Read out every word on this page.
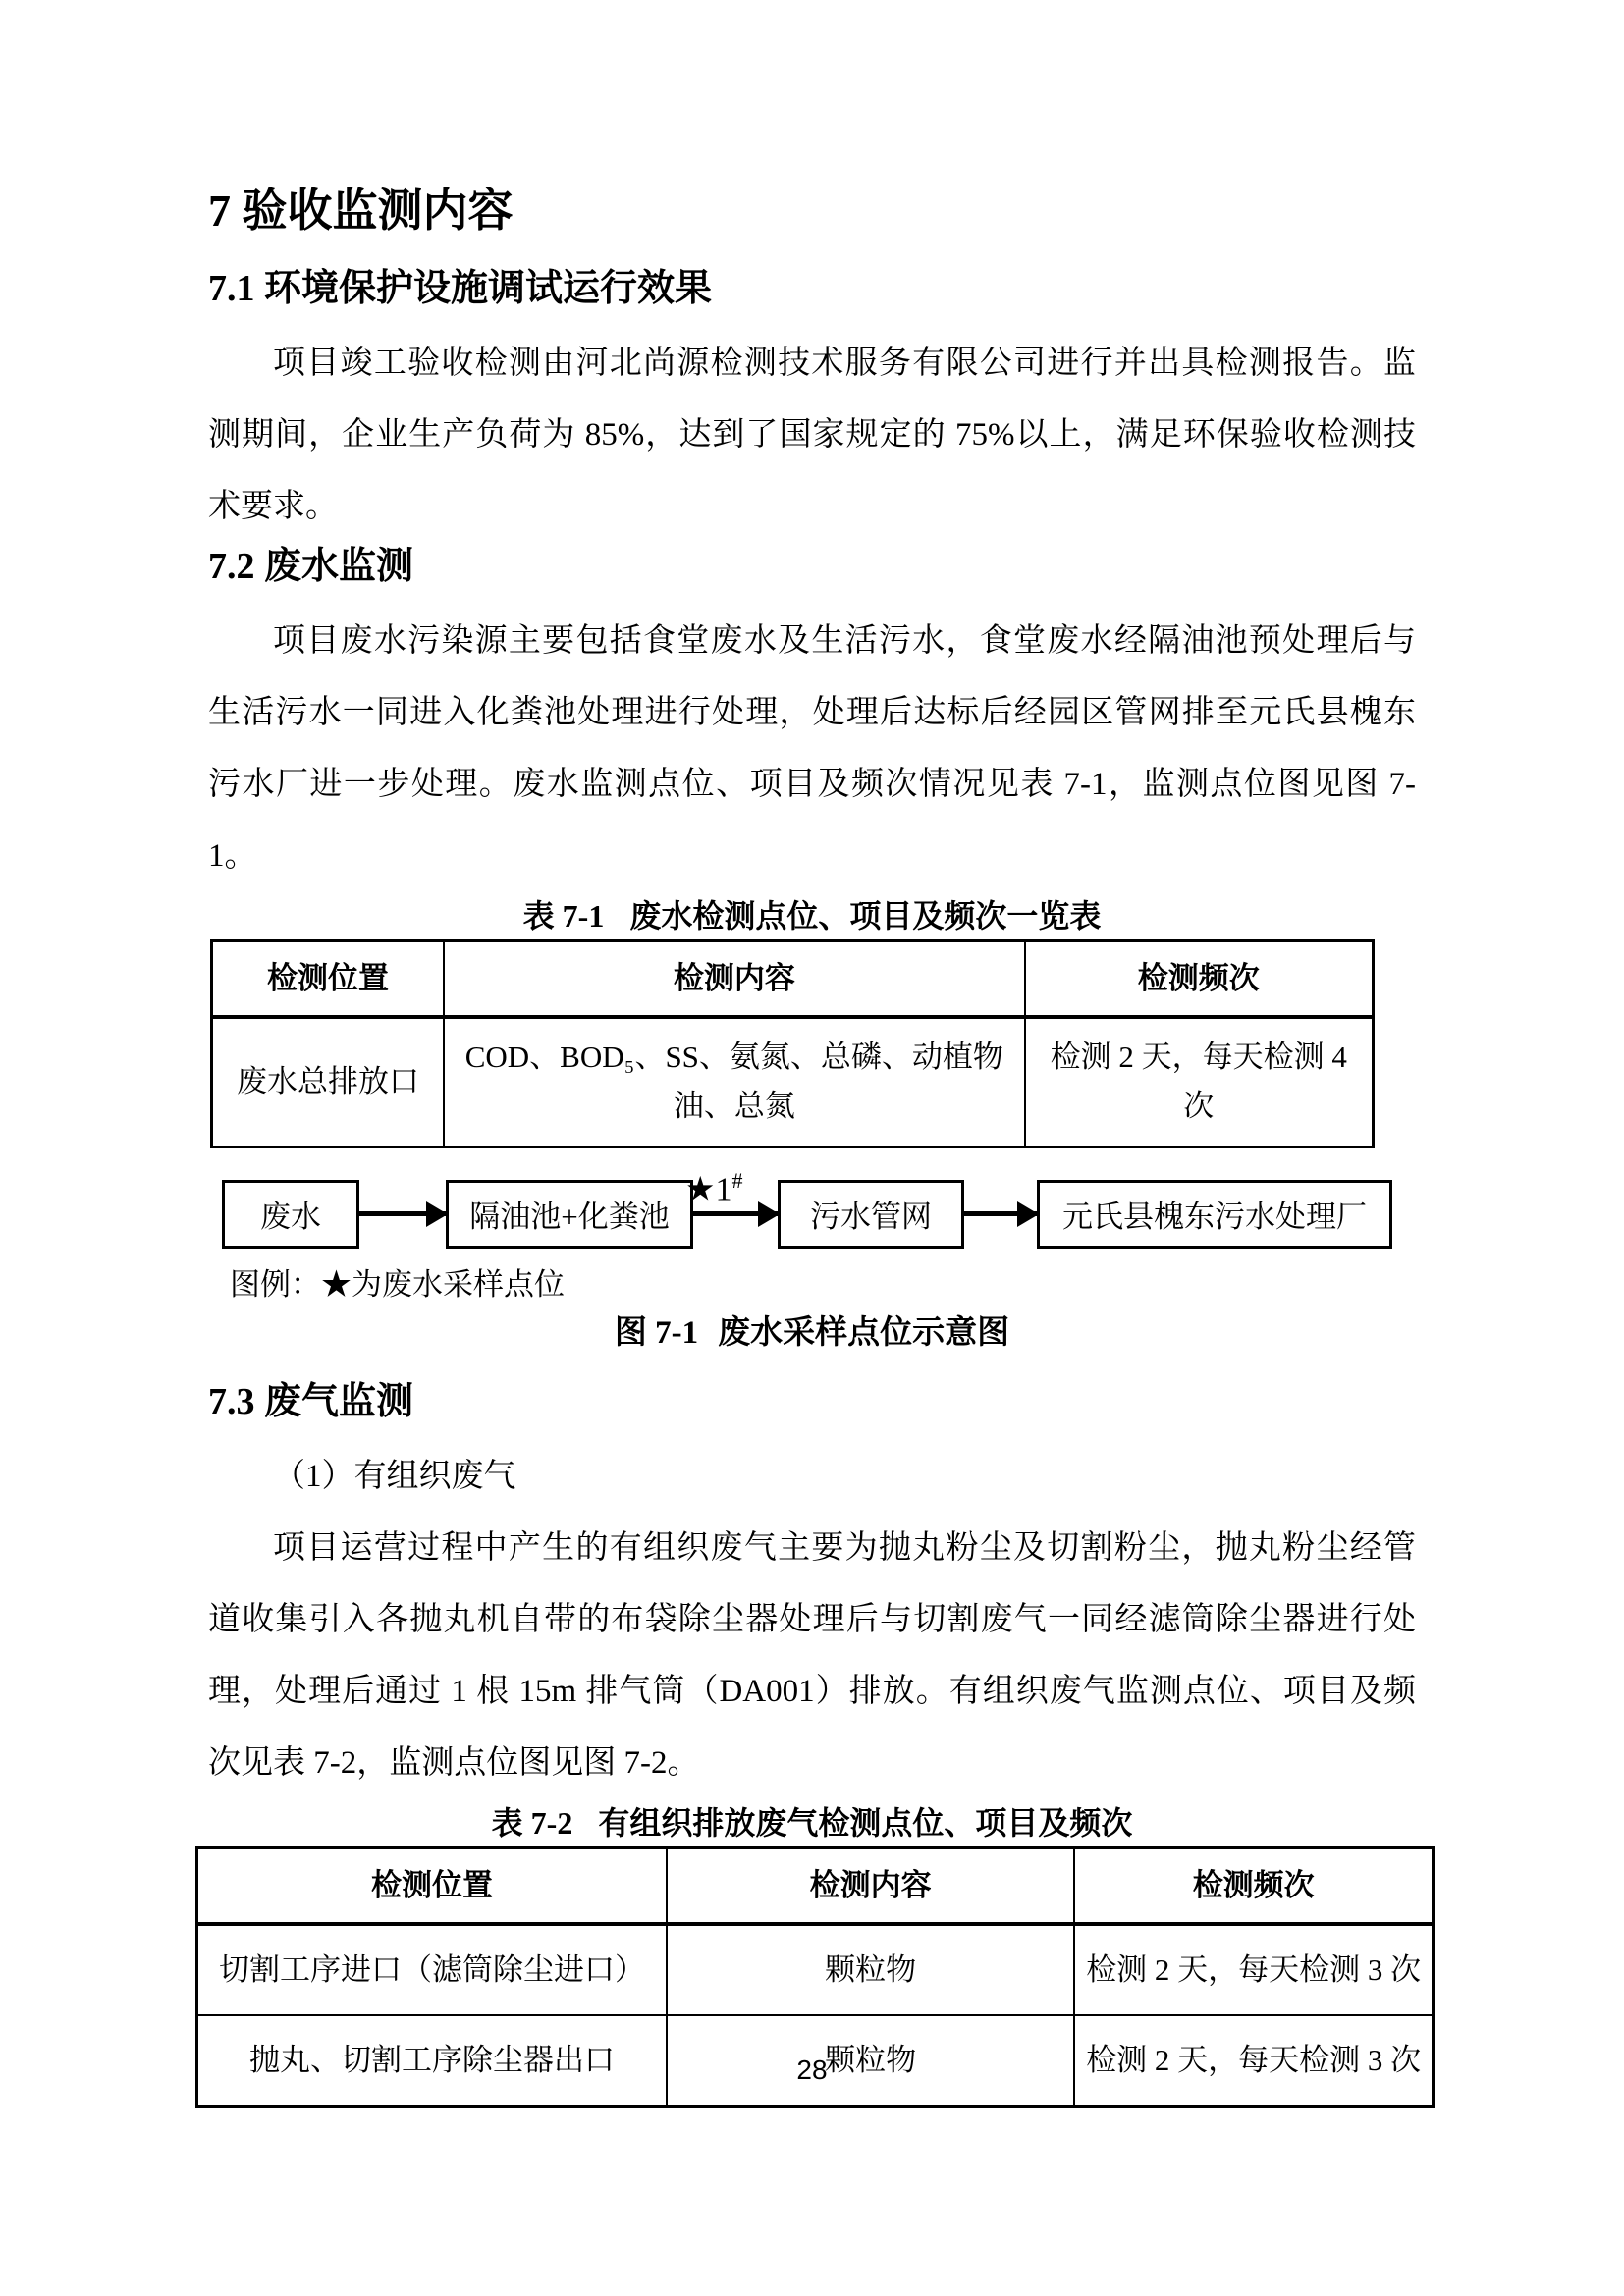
7 验收监测内容
7.1 环境保护设施调试运行效果
项目竣工验收检测由河北尚源检测技术服务有限公司进行并出具检测报告。监
测期间，企业生产负荷为 85%，达到了国家规定的 75%以上，满足环保验收检测技
术要求。
7.2 废水监测
项目废水污染源主要包括食堂废水及生活污水，食堂废水经隔油池预处理后与
生活污水一同进入化粪池处理进行处理，处理后达标后经园区管网排至元氏县槐东
污水厂进一步处理。废水监测点位、项目及频次情况见表 7-1，监测点位图见图 7-
1。
表 7-1 废水检测点位、项目及频次一览表
检测位置	检测内容	检测频次
废水总排放口	COD、BOD₅、SS、氨氮、总磷、动植物油、总氮	检测 2 天，每天检测 4 次
废水	隔油池+化粪池
★1#
污水管网	元氏县槐东污水处理厂
图例：★为废水采样点位
图 7-1 废水采样点位示意图
7.3 废气监测
（1）有组织废气
项目运营过程中产生的有组织废气主要为抛丸粉尘及切割粉尘，抛丸粉尘经管
道收集引入各抛丸机自带的布袋除尘器处理后与切割废气一同经滤筒除尘器进行处
理，处理后通过 1 根 15m 排气筒（DA001）排放。有组织废气监测点位、项目及频
次见表 7-2，监测点位图见图 7-2。
表 7-2 有组织排放废气检测点位、项目及频次
检测位置	检测内容	检测频次
切割工序进口（滤筒除尘进口）	颗粒物	检测 2 天，每天检测 3 次
抛丸、切割工序除尘器出口	颗粒物	检测 2 天，每天检测 3 次
28
